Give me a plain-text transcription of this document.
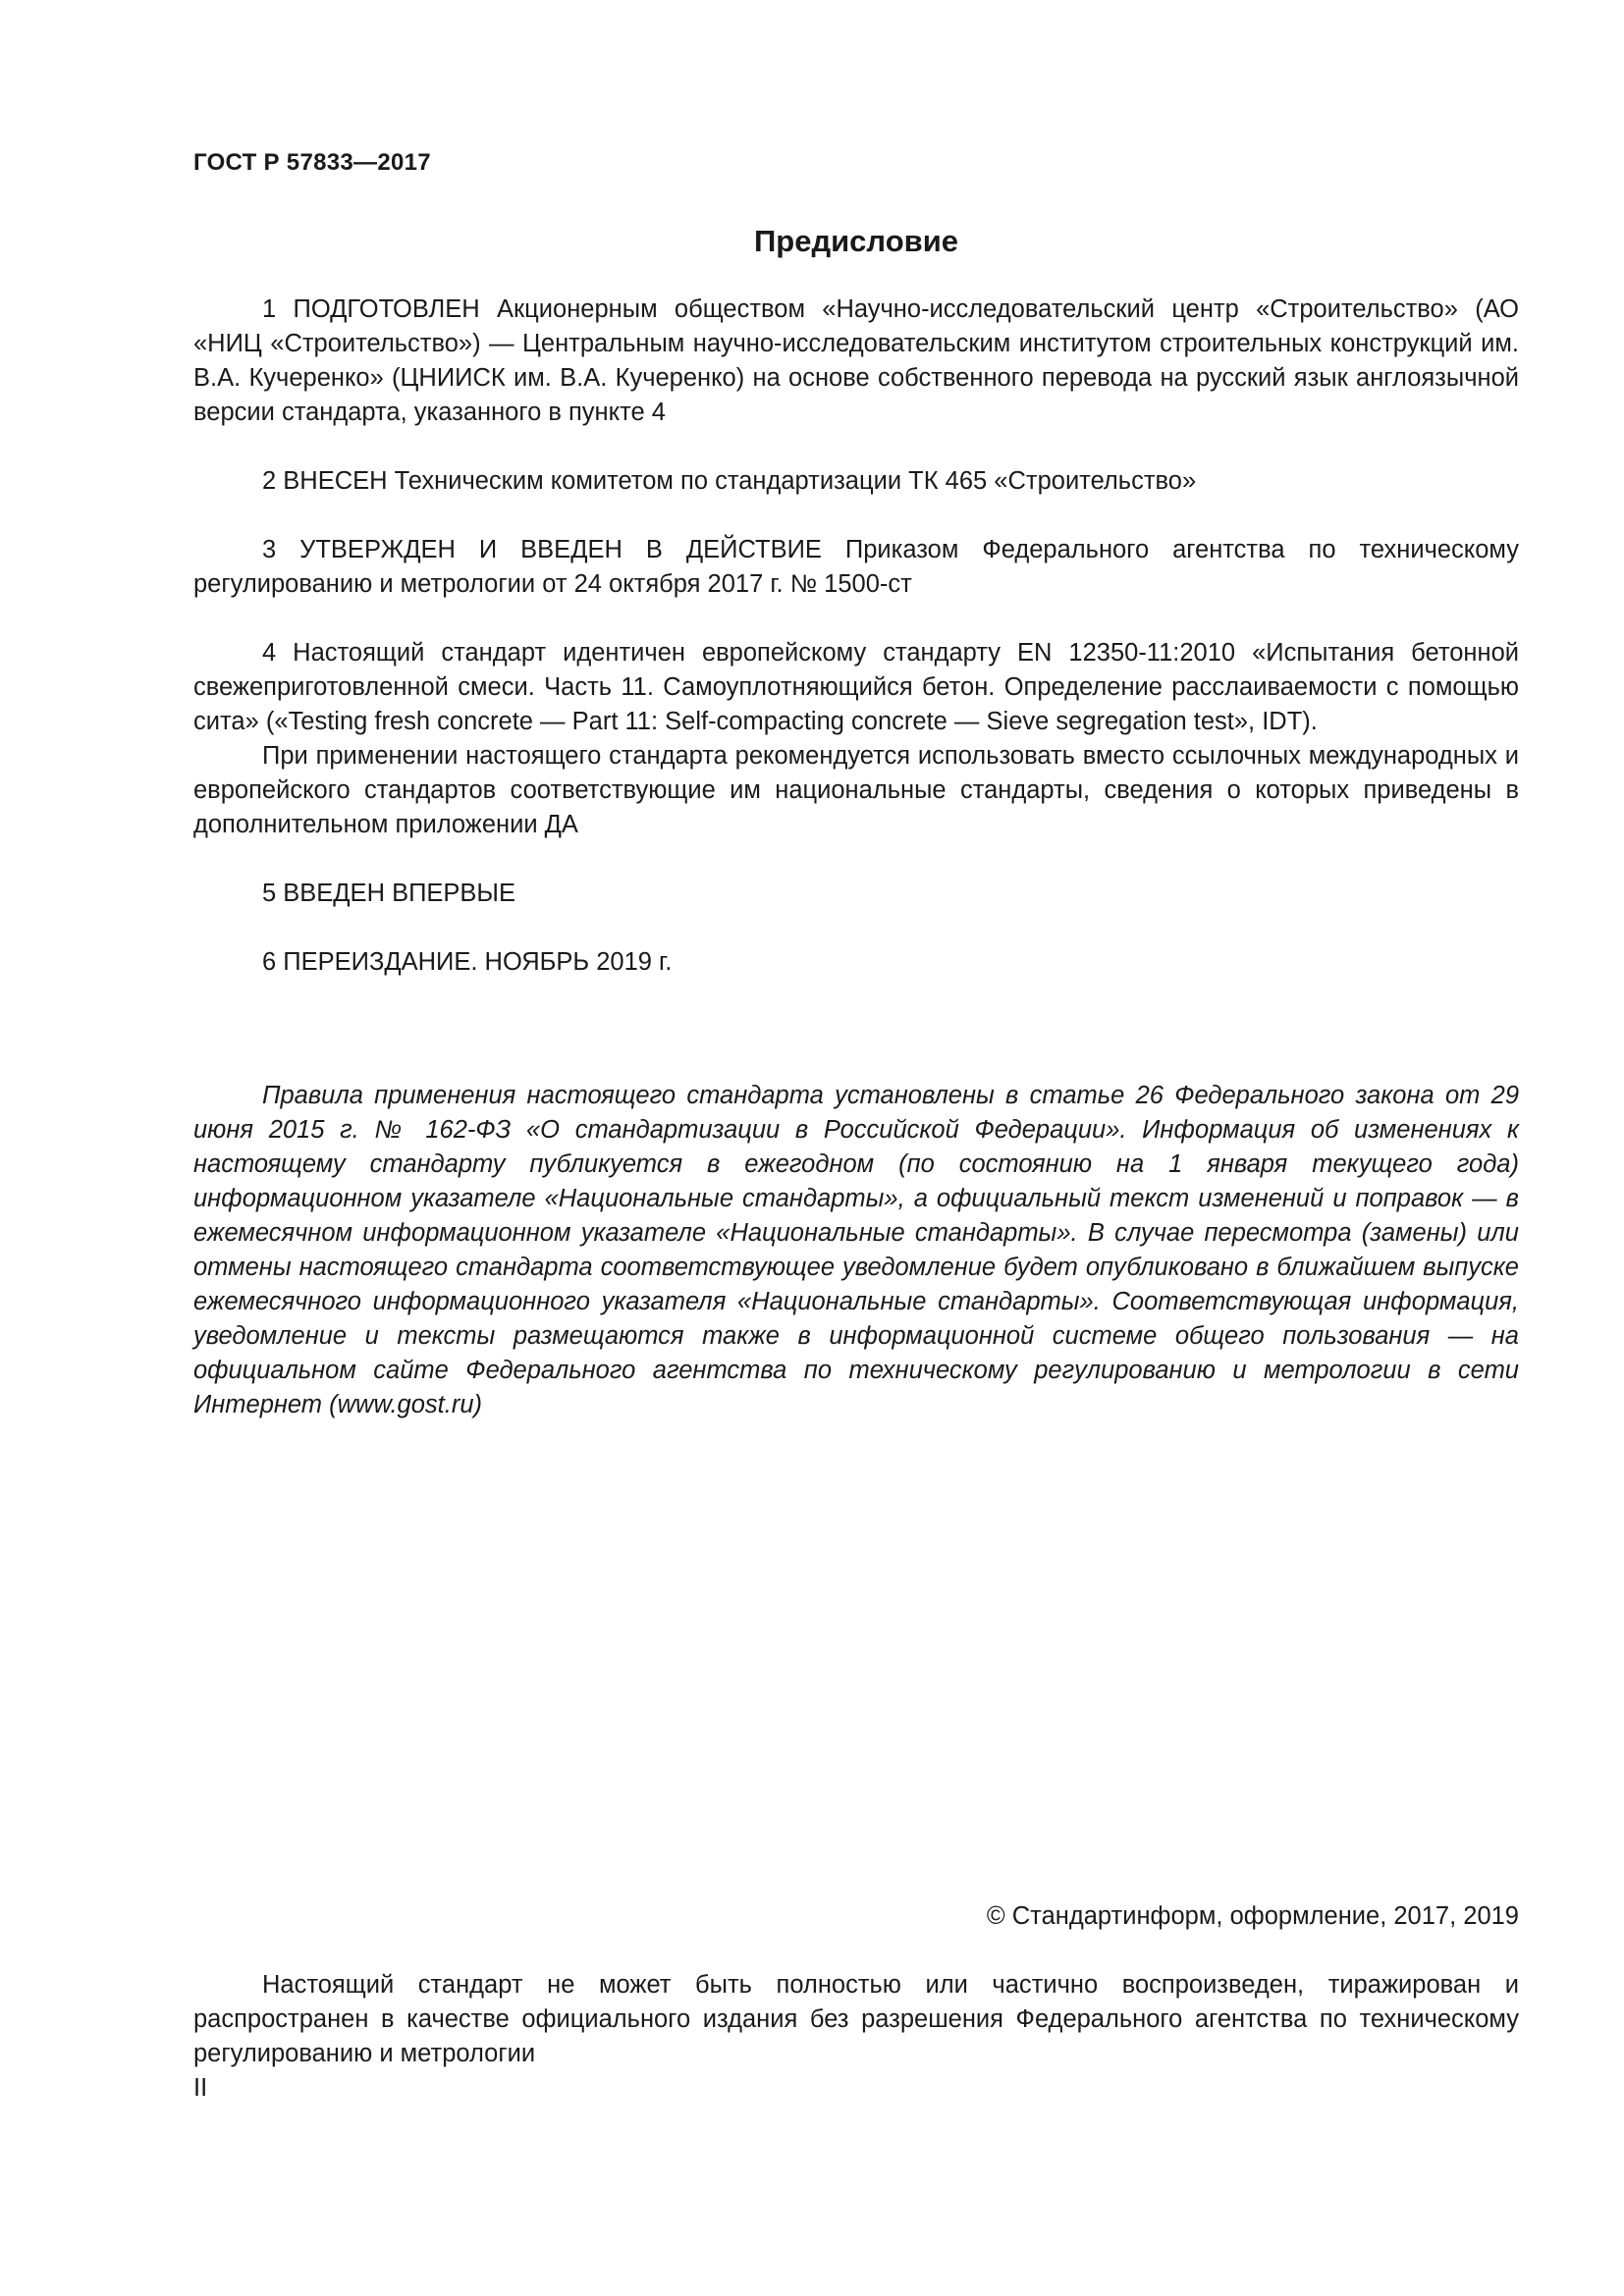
ГОСТ Р 57833—2017
Предисловие

1 ПОДГОТОВЛЕН Акционерным обществом «Научно-исследовательский центр «Строительство» (АО «НИЦ «Строительство») — Центральным научно-исследовательским институтом строительных конструкций им. В.А. Кучеренко» (ЦНИИСК им. В.А. Кучеренко) на основе собственного перевода на русский язык англоязычной версии стандарта, указанного в пункте 4

2 ВНЕСЕН Техническим комитетом по стандартизации ТК 465 «Строительство»

3 УТВЕРЖДЕН И ВВЕДЕН В ДЕЙСТВИЕ Приказом Федерального агентства по техническому регулированию и метрологии от 24 октября 2017 г. № 1500-ст

4 Настоящий стандарт идентичен европейскому стандарту EN 12350-11:2010 «Испытания бетонной свежеприготовленной смеси. Часть 11. Самоуплотняющийся бетон. Определение расслаиваемости с помощью сита» («Testing fresh concrete — Part 11: Self-compacting concrete — Sieve segregation test», IDT).

При применении настоящего стандарта рекомендуется использовать вместо ссылочных международных и европейского стандартов соответствующие им национальные стандарты, сведения о которых приведены в дополнительном приложении ДА

5 ВВЕДЕН ВПЕРВЫЕ

6 ПЕРЕИЗДАНИЕ. НОЯБРЬ 2019 г.

Правила применения настоящего стандарта установлены в статье 26 Федерального закона от 29 июня 2015 г. № 162-ФЗ «О стандартизации в Российской Федерации». Информация об изменениях к настоящему стандарту публикуется в ежегодном (по состоянию на 1 января текущего года) информационном указателе «Национальные стандарты», а официальный текст изменений и поправок — в ежемесячном информационном указателе «Национальные стандарты». В случае пересмотра (замены) или отмены настоящего стандарта соответствующее уведомление будет опубликовано в ближайшем выпуске ежемесячного информационного указателя «Национальные стандарты». Соответствующая информация, уведомление и тексты размещаются также в информационной системе общего пользования — на официальном сайте Федерального агентства по техническому регулированию и метрологии в сети Интернет (www.gost.ru)

© Стандартинформ, оформление, 2017, 2019

Настоящий стандарт не может быть полностью или частично воспроизведен, тиражирован и распространен в качестве официального издания без разрешения Федерального агентства по техническому регулированию и метрологии

II
